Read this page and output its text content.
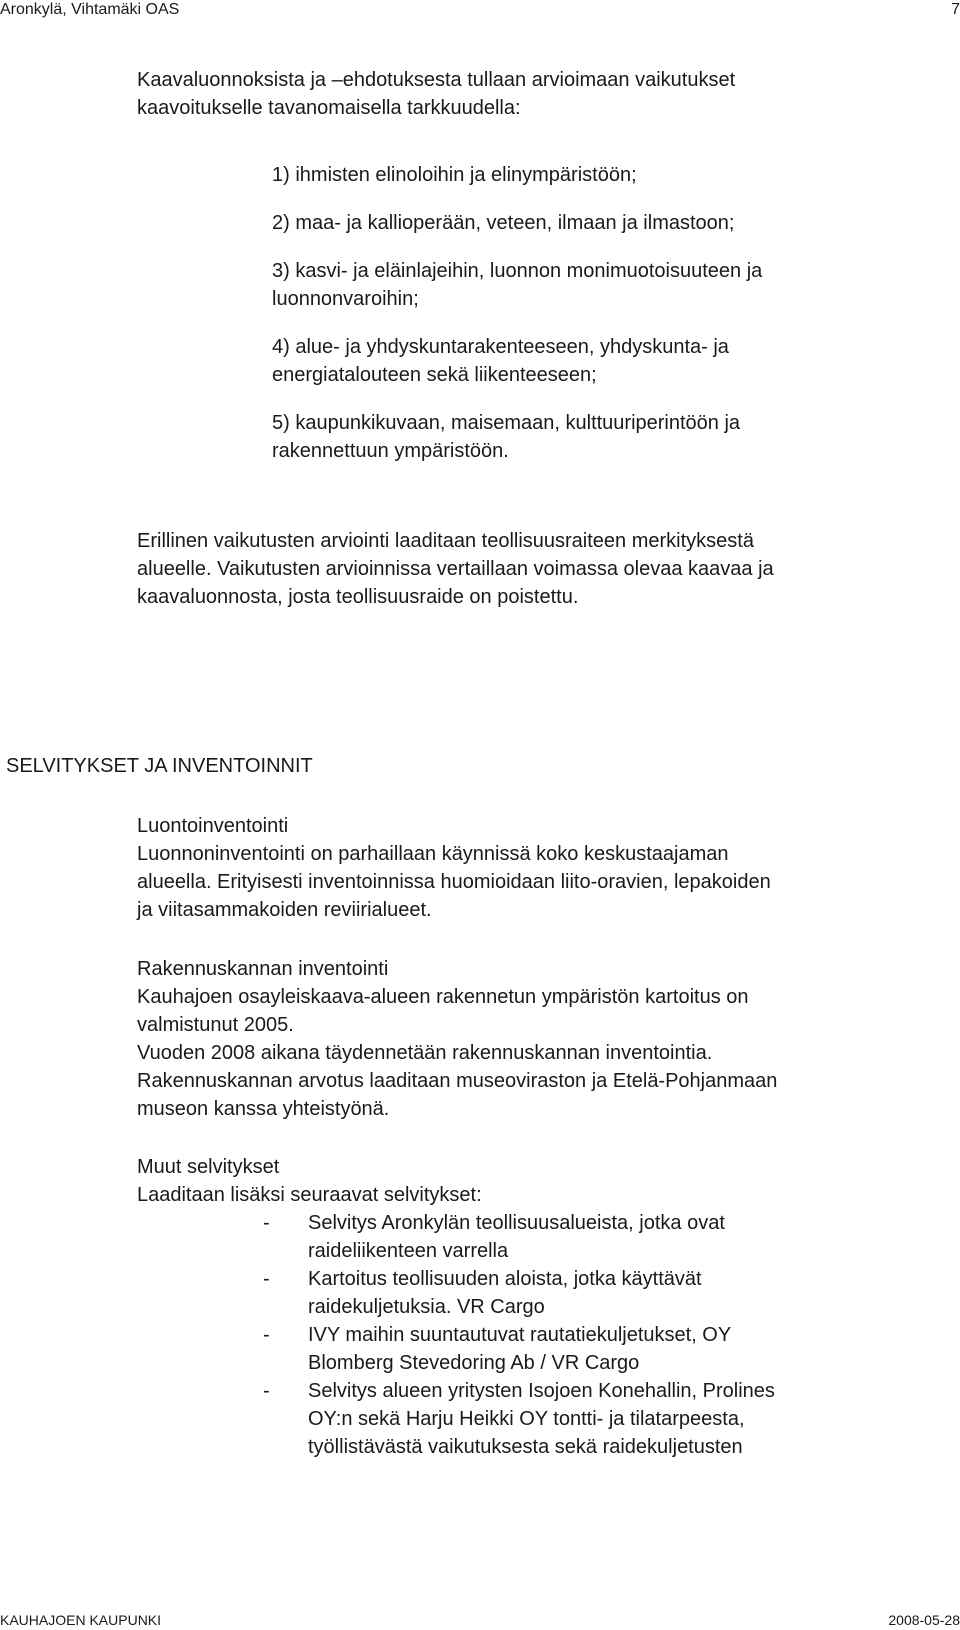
Aronkylä, Vihtamäki OAS	7
Kaavaluonnoksista ja –ehdotuksesta tullaan arvioimaan vaikutukset
kaavoitukselle tavanomaisella tarkkuudella:
1) ihmisten elinoloihin ja elinympäristöön;
2) maa- ja kallioperään, veteen, ilmaan ja ilmastoon;
3) kasvi- ja eläinlajeihin, luonnon monimuotoisuuteen ja
luonnonvaroihin;
4) alue- ja yhdyskuntarakenteeseen, yhdyskunta- ja
energiatalouteen sekä liikenteeseen;
5) kaupunkikuvaan, maisemaan, kulttuuriperintöön ja
rakennettuun ympäristöön.
Erillinen vaikutusten arviointi laaditaan teollisuusraiteen merkityksestä
alueelle. Vaikutusten arvioinnissa vertaillaan voimassa olevaa kaavaa ja
kaavaluonnosta, josta teollisuusraide on poistettu.
SELVITYKSET JA INVENTOINNIT
Luontoinventointi
Luonnoninventointi on parhaillaan käynnissä koko keskustaajaman
alueella. Erityisesti inventoinnissa huomioidaan liito-oravien, lepakoiden
ja viitasammakoiden reviirialueet.
Rakennuskannan inventointi
Kauhajoen osayleiskaava-alueen rakennetun ympäristön kartoitus on
valmistunut 2005.
Vuoden 2008 aikana täydennetään rakennuskannan inventointia.
Rakennuskannan arvotus laaditaan museoviraston ja Etelä-Pohjanmaan
museon kanssa yhteistyönä.
Muut selvitykset
Laaditaan lisäksi seuraavat selvitykset:
- Selvitys Aronkylän teollisuusalueista, jotka ovat
raideliikenteen varrella
- Kartoitus teollisuuden aloista, jotka käyttävät
raidekuljetuksia. VR Cargo
- IVY maihin suuntautuvat rautatiekuljetukset, OY
Blomberg Stevedoring Ab / VR Cargo
- Selvitys alueen yritysten Isojoen Konehallin, Prolines
OY:n sekä Harju Heikki OY tontti- ja tilatarpeesta,
työllistävästä vaikutuksesta sekä raidekuljetusten
KAUHAJOEN KAUPUNKI	2008-05-28
